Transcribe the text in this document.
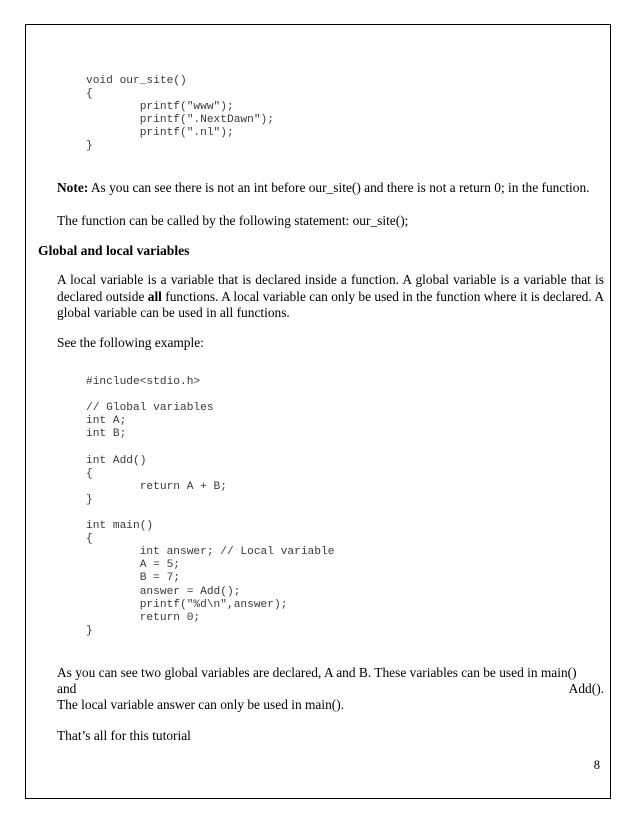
void our_site()
{
printf("www");
printf(".NextDawn");
printf(".nl");
}

Note: As you can see there is not an int before our_site() and there is not a return 0; in the function.

The function can be called by the following statement: our_site();

Global and local variables

A local variable is a variable that is declared inside a function. A global variable is a variable that is declared outside all functions. A local variable can only be used in the function where it is declared. A global variable can be used in all functions.

See the following example:

#include<stdio.h>

// Global variables
int A;
int B;

int Add()
{
return A + B;
}

int main()
{
int answer; // Local variable
A = 5;
B = 7;
answer = Add();
printf("%d\n",answer);
return 0;
}

As you can see two global variables are declared, A and B. These variables can be used in main()

and	Add().

The local variable answer can only be used in main().

That’s all for this tutorial

8
